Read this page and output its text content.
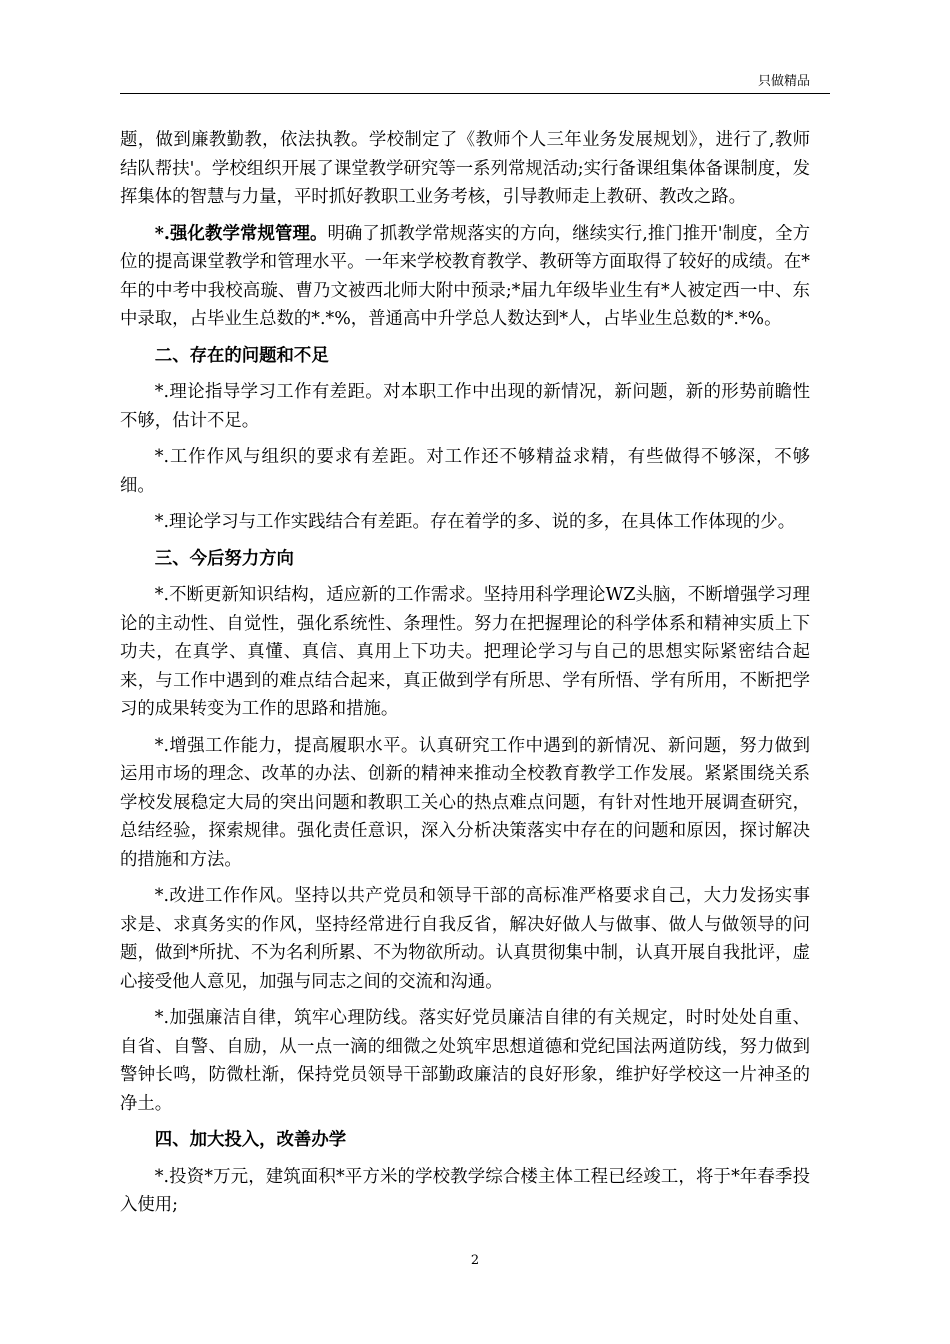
只做精品

题，做到廉教勤教，依法执教。学校制定了《教师个人三年业务发展规划》，进行了,教师结队帮扶'。学校组织开展了课堂教学研究等一系列常规活动;实行备课组集体备课制度，发挥集体的智慧与力量，平时抓好教职工业务考核，引导教师走上教研、教改之路。

*.强化教学常规管理。明确了抓教学常规落实的方向，继续实行,推门推开'制度，全方位的提高课堂教学和管理水平。一年来学校教育教学、教研等方面取得了较好的成绩。在*年的中考中我校高璇、曹乃文被西北师大附中预录;*届九年级毕业生有*人被定西一中、东中录取，占毕业生总数的*.*%，普通高中升学总人数达到*人，占毕业生总数的*.*%。

二、存在的问题和不足

*.理论指导学习工作有差距。对本职工作中出现的新情况，新问题，新的形势前瞻性不够，估计不足。

*.工作作风与组织的要求有差距。对工作还不够精益求精，有些做得不够深，不够细。

*.理论学习与工作实践结合有差距。存在着学的多、说的多，在具体工作体现的少。

三、今后努力方向

*.不断更新知识结构，适应新的工作需求。坚持用科学理论WZ头脑，不断增强学习理论的主动性、自觉性，强化系统性、条理性。努力在把握理论的科学体系和精神实质上下功夫，在真学、真懂、真信、真用上下功夫。把理论学习与自己的思想实际紧密结合起来，与工作中遇到的难点结合起来，真正做到学有所思、学有所悟、学有所用，不断把学习的成果转变为工作的思路和措施。

*.增强工作能力，提高履职水平。认真研究工作中遇到的新情况、新问题，努力做到运用市场的理念、改革的办法、创新的精神来推动全校教育教学工作发展。紧紧围绕关系学校发展稳定大局的突出问题和教职工关心的热点难点问题，有针对性地开展调查研究，总结经验，探索规律。强化责任意识，深入分析决策落实中存在的问题和原因，探讨解决的措施和方法。

*.改进工作作风。坚持以共产党员和领导干部的高标准严格要求自己，大力发扬实事求是、求真务实的作风，坚持经常进行自我反省，解决好做人与做事、做人与做领导的问题，做到*所扰、不为名利所累、不为物欲所动。认真贯彻集中制，认真开展自我批评，虚心接受他人意见，加强与同志之间的交流和沟通。

*.加强廉洁自律，筑牢心理防线。落实好党员廉洁自律的有关规定，时时处处自重、自省、自警、自励，从一点一滴的细微之处筑牢思想道德和党纪国法两道防线，努力做到警钟长鸣，防微杜渐，保持党员领导干部勤政廉洁的良好形象，维护好学校这一片神圣的净土。

四、加大投入，改善办学

*.投资*万元，建筑面积*平方米的学校教学综合楼主体工程已经竣工，将于*年春季投入使用;

2
